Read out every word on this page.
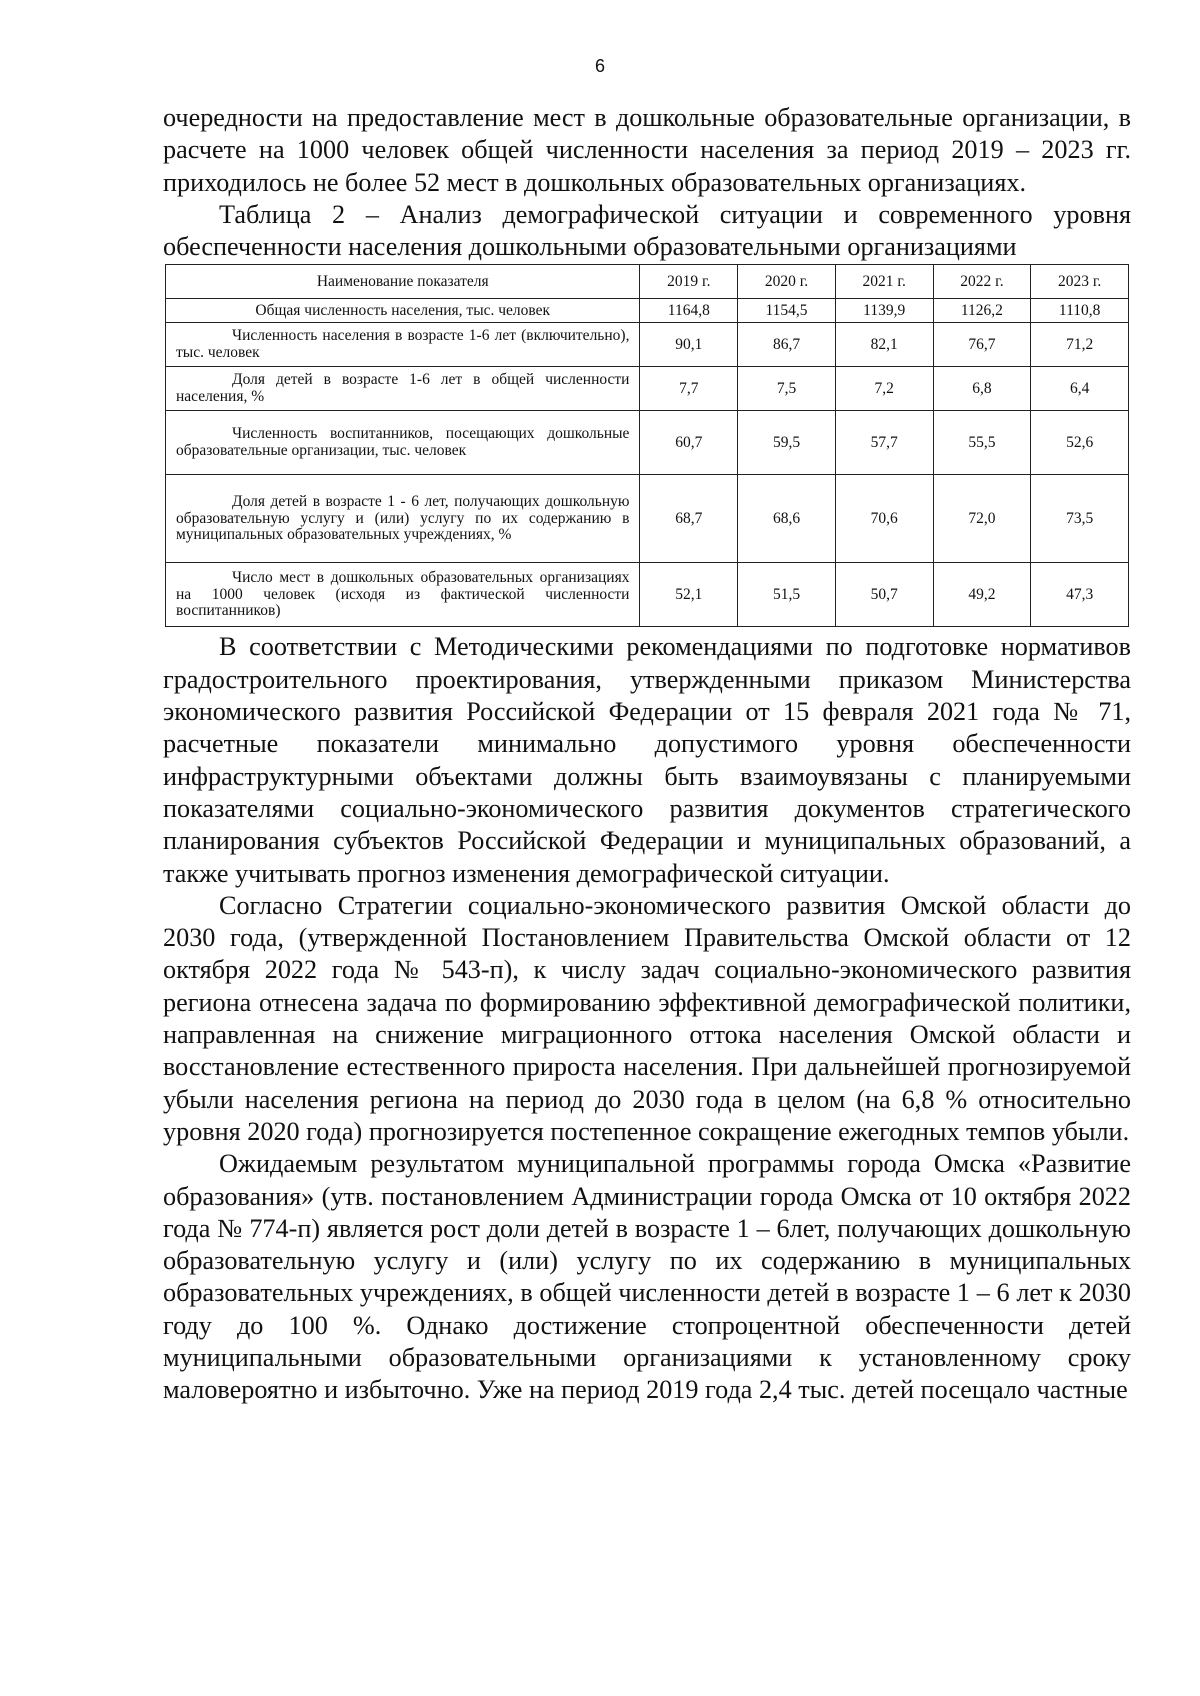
6

очередности на предоставление мест в дошкольные образовательные организации, в расчете на 1000 человек общей численности населения за период 2019 – 2023 гг. приходилось не более 52 мест в дошкольных образовательных организациях.

Таблица 2 – Анализ демографической ситуации и современного уровня обеспеченности населения дошкольными образовательными организациями

Наименование показателя	2019 г.	2020 г.	2021 г.	2022 г.	2023 г.
Общая численность населения, тыс. человек	1164,8	1154,5	1139,9	1126,2	1110,8
Численность населения в возрасте 1-6 лет (включительно), тыс. человек	90,1	86,7	82,1	76,7	71,2
Доля детей в возрасте 1-6 лет в общей численности населения, %	7,7	7,5	7,2	6,8	6,4
Численность воспитанников, посещающих дошкольные образовательные организации, тыс. человек	60,7	59,5	57,7	55,5	52,6
Доля детей в возрасте 1 - 6 лет, получающих дошкольную образовательную услугу и (или) услугу по их содержанию в муниципальных образовательных учреждениях, %	68,7	68,6	70,6	72,0	73,5
Число мест в дошкольных образовательных организациях на 1000 человек (исходя из фактической численности воспитанников)	52,1	51,5	50,7	49,2	47,3

В соответствии с Методическими рекомендациями по подготовке нормативов градостроительного проектирования, утвержденными приказом Министерства экономического развития Российской Федерации от 15 февраля 2021 года № 71, расчетные показатели минимально допустимого уровня обеспеченности инфраструктурными объектами должны быть взаимоувязаны с планируемыми показателями социально-экономического развития документов стратегического планирования субъектов Российской Федерации и муниципальных образований, а также учитывать прогноз изменения демографической ситуации.

Согласно Стратегии социально-экономического развития Омской области до 2030 года, (утвержденной Постановлением Правительства Омской области от 12 октября 2022 года № 543-п), к числу задач социально-экономического развития региона отнесена задача по формированию эффективной демографической политики, направленная на снижение миграционного оттока населения Омской области и восстановление естественного прироста населения. При дальнейшей прогнозируемой убыли населения региона на период до 2030 года в целом (на 6,8 % относительно уровня 2020 года) прогнозируется постепенное сокращение ежегодных темпов убыли.

Ожидаемым результатом муниципальной программы города Омска «Развитие образования» (утв. постановлением Администрации города Омска от 10 октября 2022 года № 774-п) является рост доли детей в возрасте 1 – 6лет, получающих дошкольную образовательную услугу и (или) услугу по их содержанию в муниципальных образовательных учреждениях, в общей численности детей в возрасте 1 – 6 лет к 2030 году до 100 %. Однако достижение стопроцентной обеспеченности детей муниципальными образовательными организациями к установленному сроку маловероятно и избыточно. Уже на период 2019 года 2,4 тыс. детей посещало частные
